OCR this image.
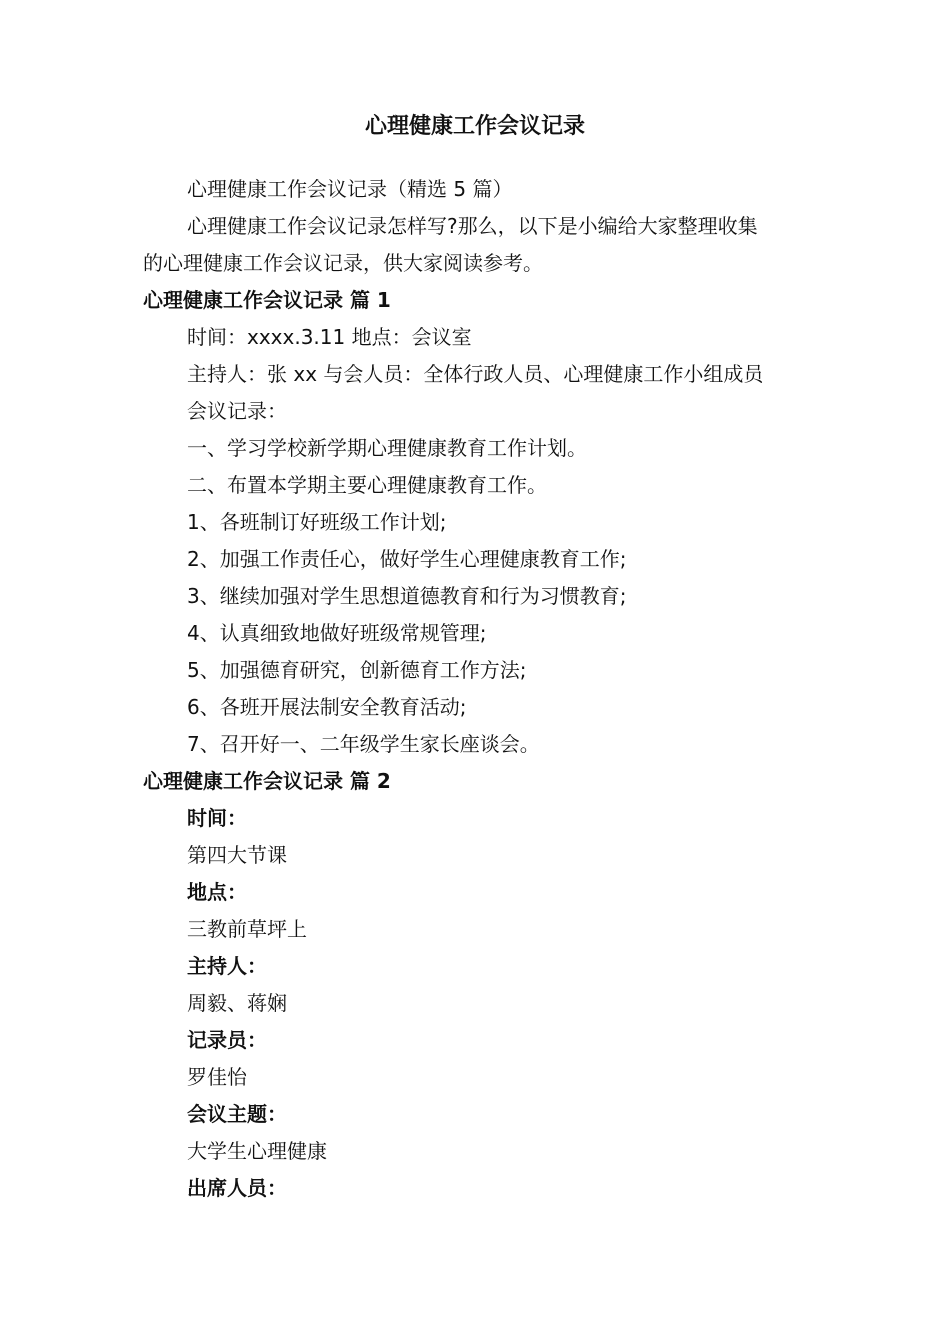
心理健康工作会议记录
心理健康工作会议记录（精选 5 篇）
心理健康工作会议记录怎样写?那么，以下是小编给大家整理收集
的心理健康工作会议记录，供大家阅读参考。
心理健康工作会议记录 篇 1
时间：xxxx.3.11 地点：会议室
主持人：张 xx 与会人员：全体行政人员、心理健康工作小组成员
会议记录：
一、学习学校新学期心理健康教育工作计划。
二、布置本学期主要心理健康教育工作。
1、各班制订好班级工作计划;
2、加强工作责任心，做好学生心理健康教育工作;
3、继续加强对学生思想道德教育和行为习惯教育;
4、认真细致地做好班级常规管理;
5、加强德育研究，创新德育工作方法;
6、各班开展法制安全教育活动;
7、召开好一、二年级学生家长座谈会。
心理健康工作会议记录 篇 2
时间：
第四大节课
地点：
三教前草坪上
主持人：
周毅、蒋娴
记录员：
罗佳怡
会议主题：
大学生心理健康
出席人员：
